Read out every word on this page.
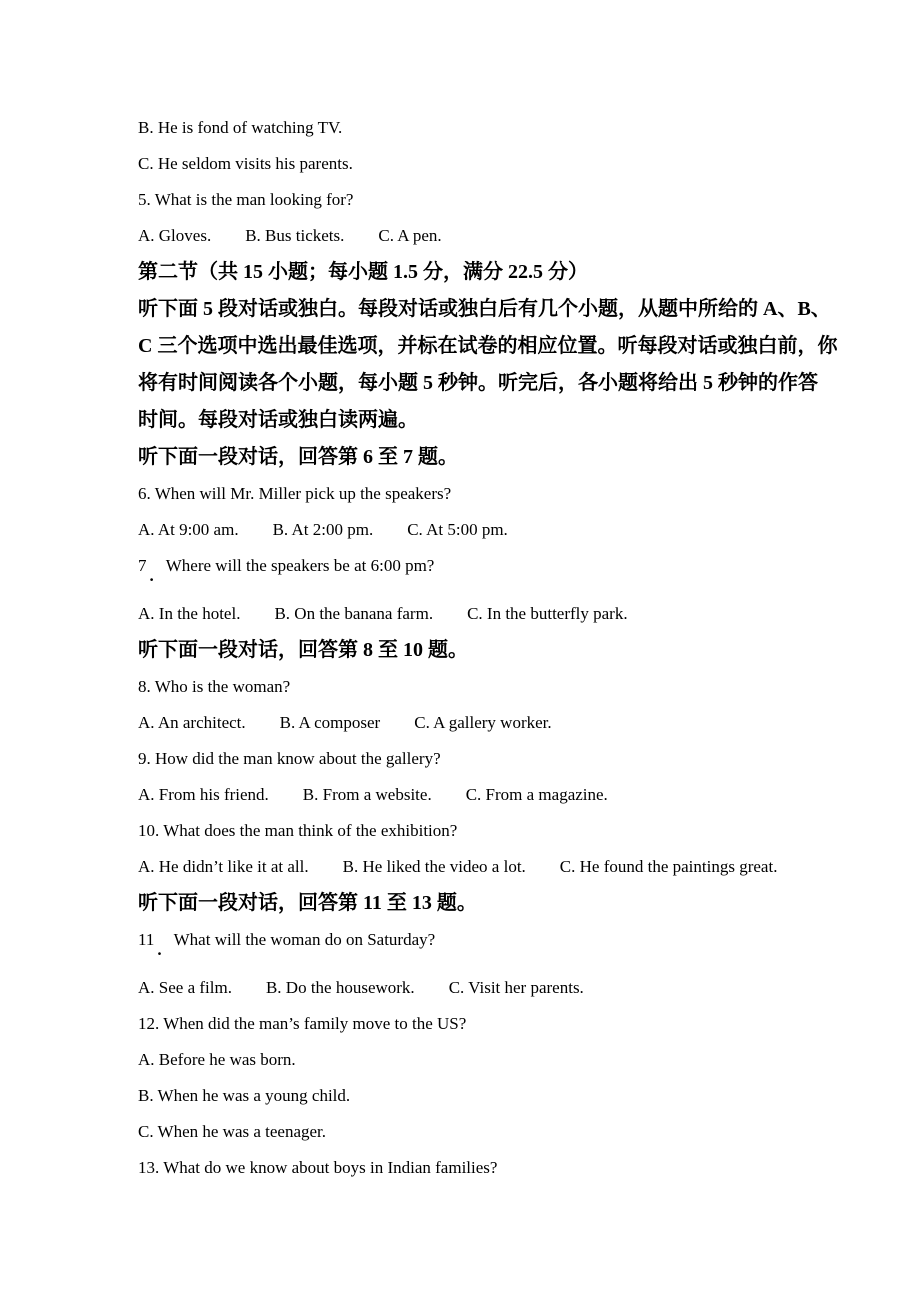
B. He is fond of watching TV.
C. He seldom visits his parents.
5. What is the man looking for?
A. Gloves. B. Bus tickets. C. A pen.
第二节（共 15 小题；每小题 1.5 分，满分 22.5 分）
听下面 5 段对话或独白。每段对话或独白后有几个小题，从题中所给的 A、B、
C 三个选项中选出最佳选项，并标在试卷的相应位置。听每段对话或独白前，你
将有时间阅读各个小题，每小题 5 秒钟。听完后，各小题将给出 5 秒钟的作答
时间。每段对话或独白读两遍。
听下面一段对话，回答第 6 至 7 题。
6. When will Mr. Miller pick up the speakers?
A. At 9:00 am. B. At 2:00 pm. C. At 5:00 pm.
7.Where will the speakers be at 6:00 pm?
A. In the hotel. B. On the banana farm. C. In the butterfly park.
听下面一段对话，回答第 8 至 10 题。
8. Who is the woman?
A. An architect. B. A composer C. A gallery worker.
9. How did the man know about the gallery?
A. From his friend. B. From a website. C. From a magazine.
10. What does the man think of the exhibition?
A. He didn’t like it at all. B. He liked the video a lot. C. He found the paintings great.
听下面一段对话，回答第 11 至 13 题。
11.What will the woman do on Saturday?
A. See a film. B. Do the housework. C. Visit her parents.
12. When did the man’s family move to the US?
A. Before he was born.
B. When he was a young child.
C. When he was a teenager.
13. What do we know about boys in Indian families?
